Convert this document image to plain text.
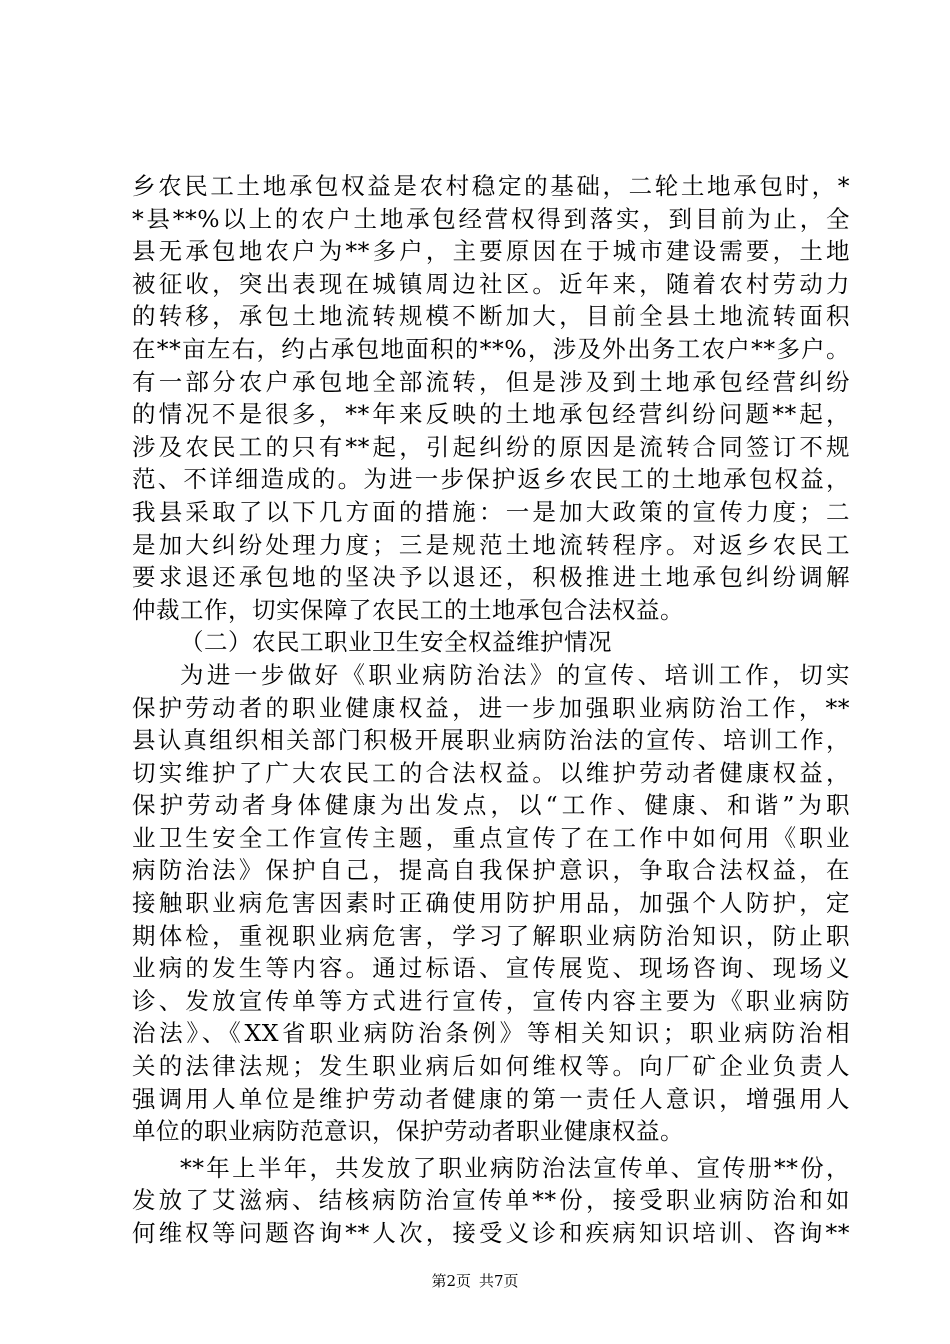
乡农民工土地承包权益是农村稳定的基础，二轮土地承包时，*
*县**%以上的农户土地承包经营权得到落实，到目前为止，全
县无承包地农户为**多户，主要原因在于城市建设需要，土地
被征收，突出表现在城镇周边社区。近年来，随着农村劳动力
的转移，承包土地流转规模不断加大，目前全县土地流转面积
在**亩左右，约占承包地面积的**%，涉及外出务工农户**多户。
有一部分农户承包地全部流转，但是涉及到土地承包经营纠纷
的情况不是很多，**年来反映的土地承包经营纠纷问题**起，
涉及农民工的只有**起，引起纠纷的原因是流转合同签订不规
范、不详细造成的。为进一步保护返乡农民工的土地承包权益，
我县采取了以下几方面的措施：一是加大政策的宣传力度；二
是加大纠纷处理力度；三是规范土地流转程序。对返乡农民工
要求退还承包地的坚决予以退还，积极推进土地承包纠纷调解
仲裁工作，切实保障了农民工的土地承包合法权益。
（二）农民工职业卫生安全权益维护情况
为进一步做好《职业病防治法》的宣传、培训工作，切实
保护劳动者的职业健康权益，进一步加强职业病防治工作，**
县认真组织相关部门积极开展职业病防治法的宣传、培训工作，
切实维护了广大农民工的合法权益。以维护劳动者健康权益，
保护劳动者身体健康为出发点，以“工作、健康、和谐”为职
业卫生安全工作宣传主题，重点宣传了在工作中如何用《职业
病防治法》保护自己，提高自我保护意识，争取合法权益，在
接触职业病危害因素时正确使用防护用品，加强个人防护，定
期体检，重视职业病危害，学习了解职业病防治知识，防止职
业病的发生等内容。通过标语、宣传展览、现场咨询、现场义
诊、发放宣传单等方式进行宣传，宣传内容主要为《职业病防
治法》、《XX省职业病防治条例》等相关知识；职业病防治相
关的法律法规；发生职业病后如何维权等。向厂矿企业负责人
强调用人单位是维护劳动者健康的第一责任人意识，增强用人
单位的职业病防范意识，保护劳动者职业健康权益。
**年上半年，共发放了职业病防治法宣传单、宣传册**份，
发放了艾滋病、结核病防治宣传单**份，接受职业病防治和如
何维权等问题咨询**人次，接受义诊和疾病知识培训、咨询**
第2页 共7页
